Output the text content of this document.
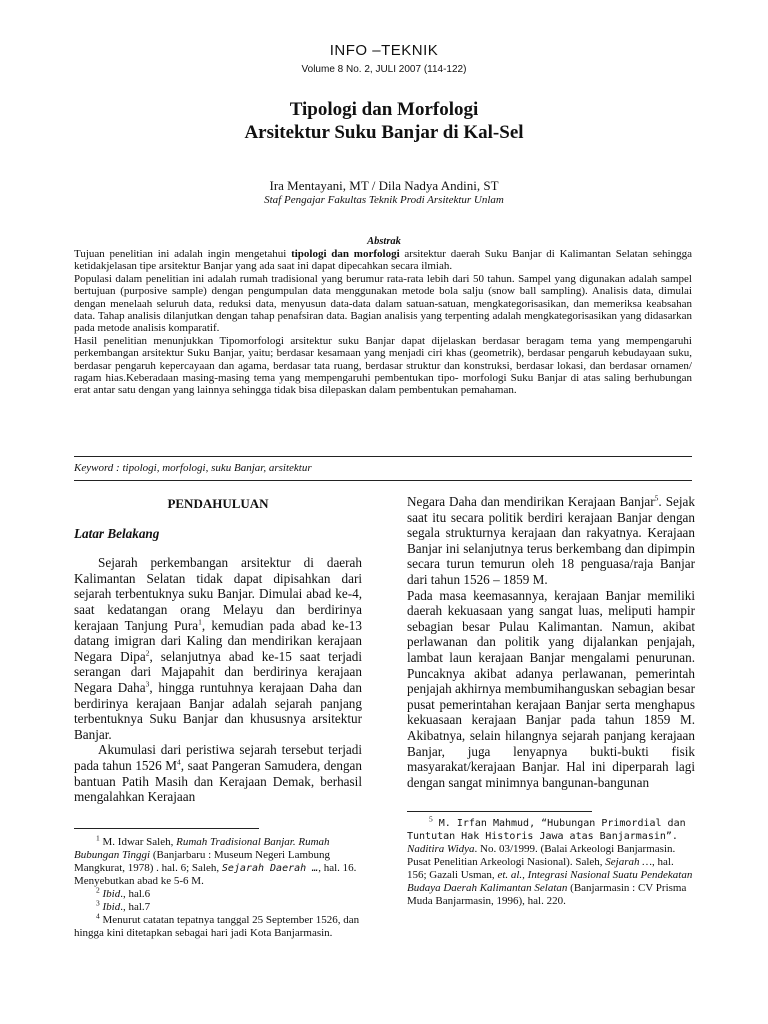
INFO –TEKNIK
Volume 8 No. 2, JULI 2007 (114-122)
Tipologi dan Morfologi
Arsitektur Suku Banjar di Kal-Sel
Ira Mentayani, MT / Dila Nadya Andini, ST
Staf Pengajar Fakultas Teknik Prodi Arsitektur Unlam
Abstrak

Tujuan penelitian ini adalah ingin mengetahui tipologi dan morfologi arsitektur daerah Suku Banjar di Kalimantan Selatan sehingga ketidakjelasan tipe arsitektur Banjar yang ada saat ini dapat dipecahkan secara ilmiah.

Populasi dalam penelitian ini adalah rumah tradisional yang berumur rata-rata lebih dari 50 tahun. Sampel yang digunakan adalah sampel bertujuan (purposive sample) dengan pengumpulan data menggunakan metode bola salju (snow ball sampling). Analisis data, dimulai dengan menelaah seluruh data, reduksi data, menyusun data-data dalam satuan-satuan, mengkategorisasikan, dan memeriksa keabsahan data. Tahap analisis dilanjutkan dengan tahap penafsiran data. Bagian analisis yang terpenting adalah mengkategorisasikan yang didasarkan pada metode analisis komparatif.

Hasil penelitian menunjukkan Tipomorfologi arsitektur suku Banjar dapat dijelaskan berdasar beragam tema yang mempengaruhi perkembangan arsitektur Suku Banjar, yaitu; berdasar kesamaan yang menjadi ciri khas (geometrik), berdasar pengaruh kebudayaan suku, berdasar pengaruh kepercayaan dan agama, berdasar tata ruang, berdasar struktur dan konstruksi, berdasar lokasi, dan berdasar ornamen/ ragam hias.Keberadaan masing-masing tema yang mempengaruhi pembentukan tipo- morfologi Suku Banjar di atas saling berhubungan erat antar satu dengan yang lainnya sehingga tidak bisa dilepaskan dalam pembentukan pemahaman.

Keyword : tipologi, morfologi, suku Banjar, arsitektur

PENDAHULUAN

Latar Belakang

Sejarah perkembangan arsitektur di daerah Kalimantan Selatan tidak dapat dipisahkan dari sejarah terbentuknya suku Banjar. Dimulai abad ke-4, saat kedatangan orang Melayu dan berdirinya kerajaan Tanjung Pura$^1$, kemudian pada abad ke-13 datang imigran dari Kaling dan mendirikan kerajaan Negara Dipa$^2$, selanjutnya abad ke-15 saat terjadi serangan dari Majapahit dan berdirinya kerajaan Negara Daha$^3$, hingga runtuhnya kerajaan Daha dan berdirinya kerajaan Banjar adalah sejarah panjang terbentuknya Suku Banjar dan khususnya arsitektur Banjar.

Akumulasi dari peristiwa sejarah tersebut terjadi pada tahun 1526 $M^4$, saat Pangeran Samudera, dengan bantuan Patih Masih dan Kerajaan Demak, berhasil mengalahkan Kerajaan

Negara Daha dan mendirikan Kerajaan Banjar$^5$. Sejak saat itu secara politik berdiri kerajaan Banjar dengan segala strukturnya kerajaan dan rakyatnya. Kerajaan Banjar ini selanjutnya terus berkembang dan dipimpin secara turun temurun oleh 18 penguasa/raja Banjar dari tahun 1526 – 1859 M.

Pada masa keemasannya, kerajaan Banjar memiliki daerah kekuasaan yang sangat luas, meliputi hampir sebagian besar Pulau Kalimantan. Namun, akibat perlawanan dan politik yang dijalankan penjajah, lambat laun kerajaan Banjar mengalami penurunan. Puncaknya akibat adanya perlawanan, pemerintah penjajah akhirnya membumihanguskan sebagian besar pusat pemerintahan kerajaan Banjar serta menghapus kekuasaan kerajaan Banjar pada tahun 1859 M. Akibatnya, selain hilangnya sejarah panjang kerajaan Banjar, juga lenyapnya bukti-bukti fisik masyarakat/kerajaan Banjar. Hal ini diperparah lagi dengan sangat minimnya bangunan-bangunan

$^1$ M. Idwar Saleh, Rumah Tradisional Banjar. Rumah Bubungan Tinggi (Banjarbaru : Museum Negeri Lambung Mangkurat, 1978) . hal. 6; Saleh, Sejarah Daerah …, hal. 16. Menyebutkan abad ke 5-6 M.

$^2$ Ibid., hal.6

$^3$ Ibid., hal.7

$^4$ Menurut catatan tepatnya tanggal 25 September 1526, dan hingga kini ditetapkan sebagai hari jadi Kota Banjarmasin.

$^5$ M. Irfan Mahmud, “Hubungan Primordial dan Tuntutan Hak Historis Jawa atas Banjarmasin”. Naditira Widya. No. 03/1999. (Balai Arkeologi Banjarmasin. Pusat Penelitian Arkeologi Nasional). Saleh, Sejarah …, hal. 156; Gazali Usman, et. al., Integrasi Nasional Suatu Pendekatan Budaya Daerah Kalimantan Selatan (Banjarmasin : CV Prisma Muda Banjarmasin, 1996), hal. 220.
